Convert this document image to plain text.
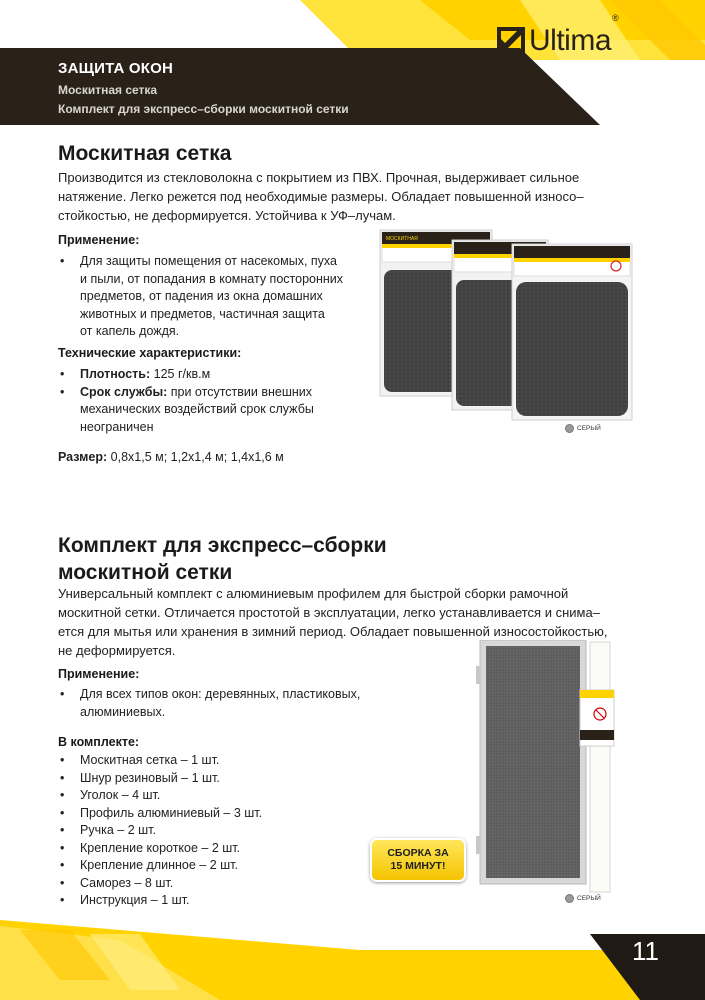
Ultima®
ЗАЩИТА ОКОН
Москитная сетка
Комплект для экспресс–сборки москитной сетки
Москитная сетка
Производится из стекловолокна с покрытием из ПВХ. Прочная, выдерживает сильное
натяжение. Легко режется под необходимые размеры. Обладает повышенной износо–
стойкостью, не деформируется. Устойчива к УФ–лучам.
Применение:
• Для защиты помещения от насекомых, пуха
и пыли, от попадания в комнату посторонних
предметов, от падения из окна домашних
животных и предметов, частичная защита
от капель дождя.
Технические характеристики:
• Плотность: 125 г/кв.м
• Срок службы: при отсутствии внешних
механических воздействий срок службы
неограничен
Размер: 0,8х1,5 м; 1,2х1,4 м; 1,4х1,6 м
МОСКИТНАЯ
СЕРЫЙ
Комплект для экспресс–сборки
москитной сетки
Универсальный комплект с алюминиевым профилем для быстрой сборки рамочной
москитной сетки. Отличается простотой в эксплуатации, легко устанавливается и снима–
ется для мытья или хранения в зимний период. Обладает повышенной износостойкостью,
не деформируется.
Применение:
• Для всех типов окон: деревянных, пластиковых,
алюминиевых.
В комплекте:
• Москитная сетка – 1 шт.
• Шнур резиновый – 1 шт.
• Уголок – 4 шт.
• Профиль алюминиевый – 3 шт.
• Ручка – 2 шт.
• Крепление короткое – 2 шт.
• Крепление длинное – 2 шт.
• Саморез – 8 шт.
• Инструкция – 1 шт.
СБОРКА ЗА
15 МИНУТ!
СЕРЫЙ
11
